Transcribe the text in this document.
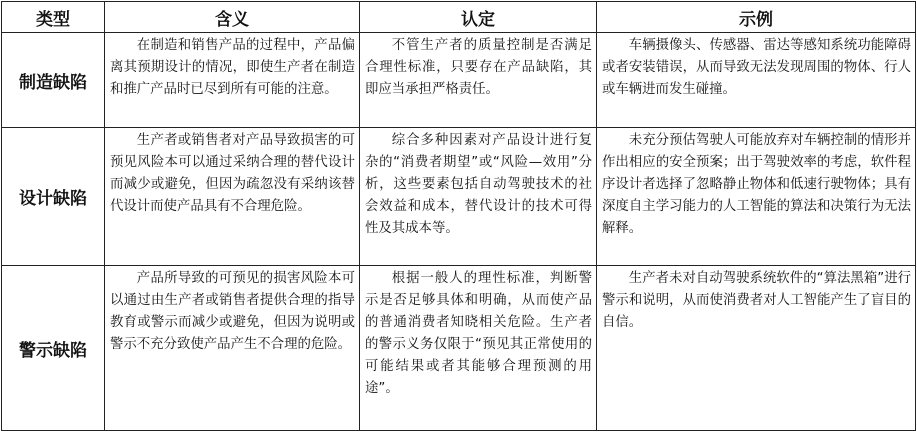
类型	含义	认定	示例
制造缺陷	在制造和销售产品的过程中，产品偏离其预期设计的情况，即使生产者在制造和推广产品时已尽到所有可能的注意。	不管生产者的质量控制是否满足合理性标准，只要存在产品缺陷，其即应当承担严格责任。	车辆摄像头、传感器、雷达等感知系统功能障碍或者安装错误，从而导致无法发现周围的物体、行人或车辆进而发生碰撞。
设计缺陷	生产者或销售者对产品导致损害的可预见风险本可以通过采纳合理的替代设计而减少或避免，但因为疏忽没有采纳该替代设计而使产品具有不合理危险。	综合多种因素对产品设计进行复杂的“消费者期望”或“风险—效用”分析，这些要素包括自动驾驶技术的社会效益和成本，替代设计的技术可得性及其成本等。	未充分预估驾驶人可能放弃对车辆控制的情形并作出相应的安全预案；出于驾驶效率的考虑，软件程序设计者选择了忽略静止物体和低速行驶物体；具有深度自主学习能力的人工智能的算法和决策行为无法解释。
警示缺陷	产品所导致的可预见的损害风险本可以通过由生产者或销售者提供合理的指导教育或警示而减少或避免，但因为说明或警示不充分致使产品产生不合理的危险。	根据一般人的理性标准，判断警示是否足够具体和明确，从而使产品的普通消费者知晓相关危险。生产者的警示义务仅限于“预见其正常使用的可能结果或者其能够合理预测的用途”。	生产者未对自动驾驶系统软件的“算法黑箱”进行警示和说明，从而使消费者对人工智能产生了盲目的自信。
